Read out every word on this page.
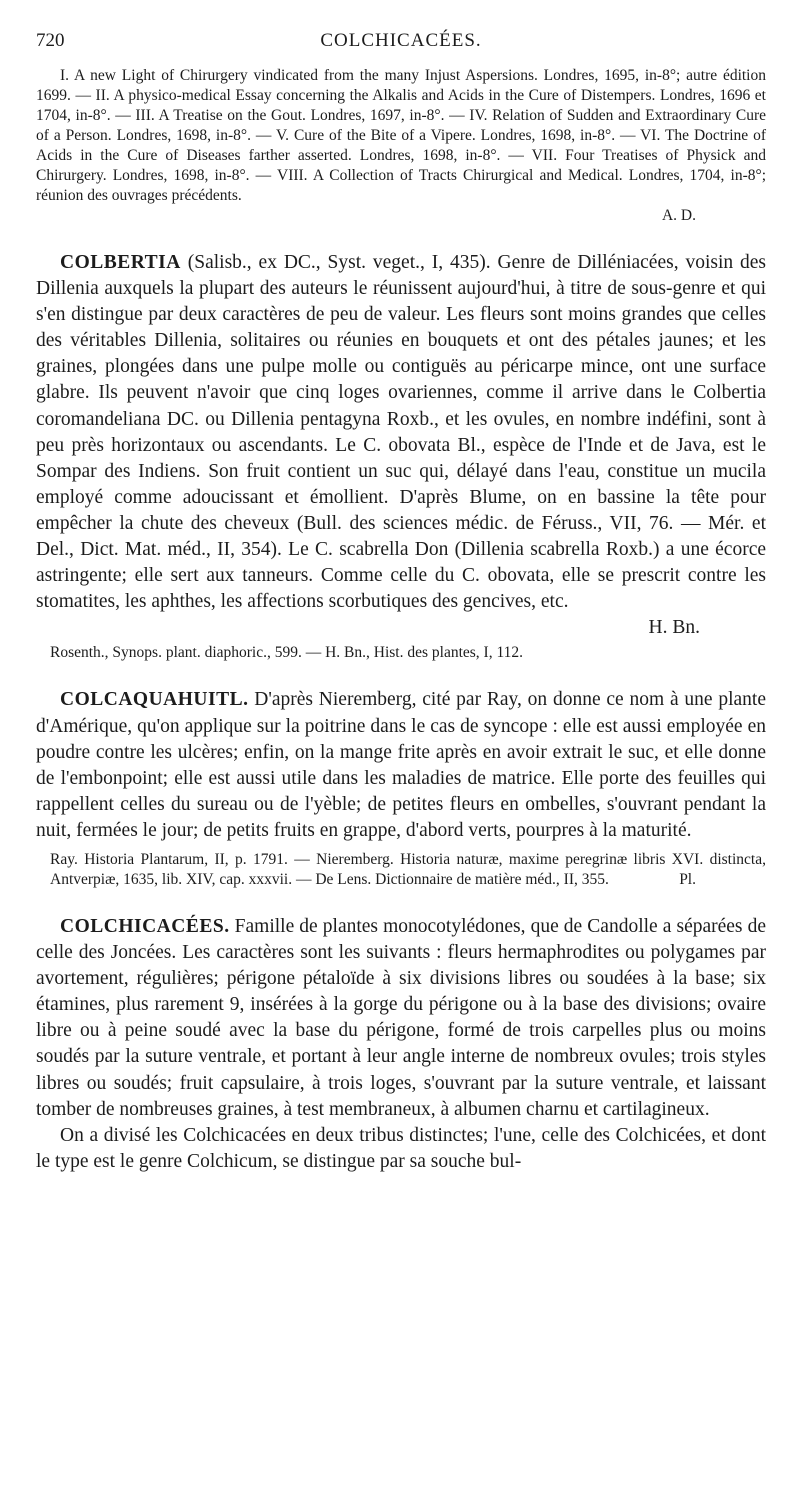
720	COLCHICACÉES.

I. A new Light of Chirurgery vindicated from the many Injust Aspersions. Londres, 1695, in-8°; autre édition 1699. — II. A physico-medical Essay concerning the Alkalis and Acids in the Cure of Distempers. Londres, 1696 et 1704, in-8°. — III. A Treatise on the Gout. Londres, 1697, in-8°. — IV. Relation of Sudden and Extraordinary Cure of a Person. Londres, 1698, in-8°. — V. Cure of the Bite of a Vipere. Londres, 1698, in-8°. — VI. The Doctrine of Acids in the Cure of Diseases farther asserted. Londres, 1698, in-8°. — VII. Four Treatises of Physick and Chirurgery. Londres, 1698, in-8°. — VIII. A Collection of Tracts Chirurgical and Medical. Londres, 1704, in-8°; réunion des ouvrages précédents.

A. D.

COLBERTIA (Salisb., ex DC., Syst. veget., I, 435). Genre de Dilléniacées, voisin des Dillenia auxquels la plupart des auteurs le réunissent aujourd'hui, à titre de sous-genre et qui s'en distingue par deux caractères de peu de valeur. Les fleurs sont moins grandes que celles des véritables Dillenia, solitaires ou réunies en bouquets et ont des pétales jaunes; et les graines, plongées dans une pulpe molle ou contiguës au péricarpe mince, ont une surface glabre. Ils peuvent n'avoir que cinq loges ovariennes, comme il arrive dans le Colbertia coromandeliana DC. ou Dillenia pentagyna Roxb., et les ovules, en nombre indéfini, sont à peu près horizontaux ou ascendants. Le C. obovata Bl., espèce de l'Inde et de Java, est le Sompar des Indiens. Son fruit contient un suc qui, délayé dans l'eau, constitue un mucila employé comme adoucissant et émollient. D'après Blume, on en bassine la tête pour empêcher la chute des cheveux (Bull. des sciences médic. de Féruss., VII, 76. — Mér. et Del., Dict. Mat. méd., II, 354). Le C. scabrella Don (Dillenia scabrella Roxb.) a une écorce astringente; elle sert aux tanneurs. Comme celle du C. obovata, elle se prescrit contre les stomatites, les aphthes, les affections scorbutiques des gencives, etc.

H. Bn.

Rosenth., Synops. plant. diaphoric., 599. — H. Bn., Hist. des plantes, I, 112.

COLCAQUAHUITL. D'après Nieremberg, cité par Ray, on donne ce nom à une plante d'Amérique, qu'on applique sur la poitrine dans le cas de syncope : elle est aussi employée en poudre contre les ulcères; enfin, on la mange frite après en avoir extrait le suc, et elle donne de l'embonpoint; elle est aussi utile dans les maladies de matrice. Elle porte des feuilles qui rappellent celles du sureau ou de l'yèble; de petites fleurs en ombelles, s'ouvrant pendant la nuit, fermées le jour; de petits fruits en grappe, d'abord verts, pourpres à la maturité.

Ray. Historia Plantarum, II, p. 1791. — Nieremberg. Historia naturæ, maxime peregrinæ libris XVI. distincta, Antverpiæ, 1635, lib. XIV, cap. xxxvii. — De Lens. Dictionnaire de matière méd., II, 355.	Pl.

COLCHICACÉES. Famille de plantes monocotylédones, que de Candolle a séparées de celle des Joncées. Les caractères sont les suivants : fleurs hermaphrodites ou polygames par avortement, régulières; périgone pétaloïde à six divisions libres ou soudées à la base; six étamines, plus rarement 9, insérées à la gorge du périgone ou à la base des divisions; ovaire libre ou à peine soudé avec la base du périgone, formé de trois carpelles plus ou moins soudés par la suture ventrale, et portant à leur angle interne de nombreux ovules; trois styles libres ou soudés; fruit capsulaire, à trois loges, s'ouvrant par la suture ventrale, et laissant tomber de nombreuses graines, à test membraneux, à albumen charnu et cartilagineux.

On a divisé les Colchicacées en deux tribus distinctes; l'une, celle des Colchicées, et dont le type est le genre Colchicum, se distingue par sa souche bul-
